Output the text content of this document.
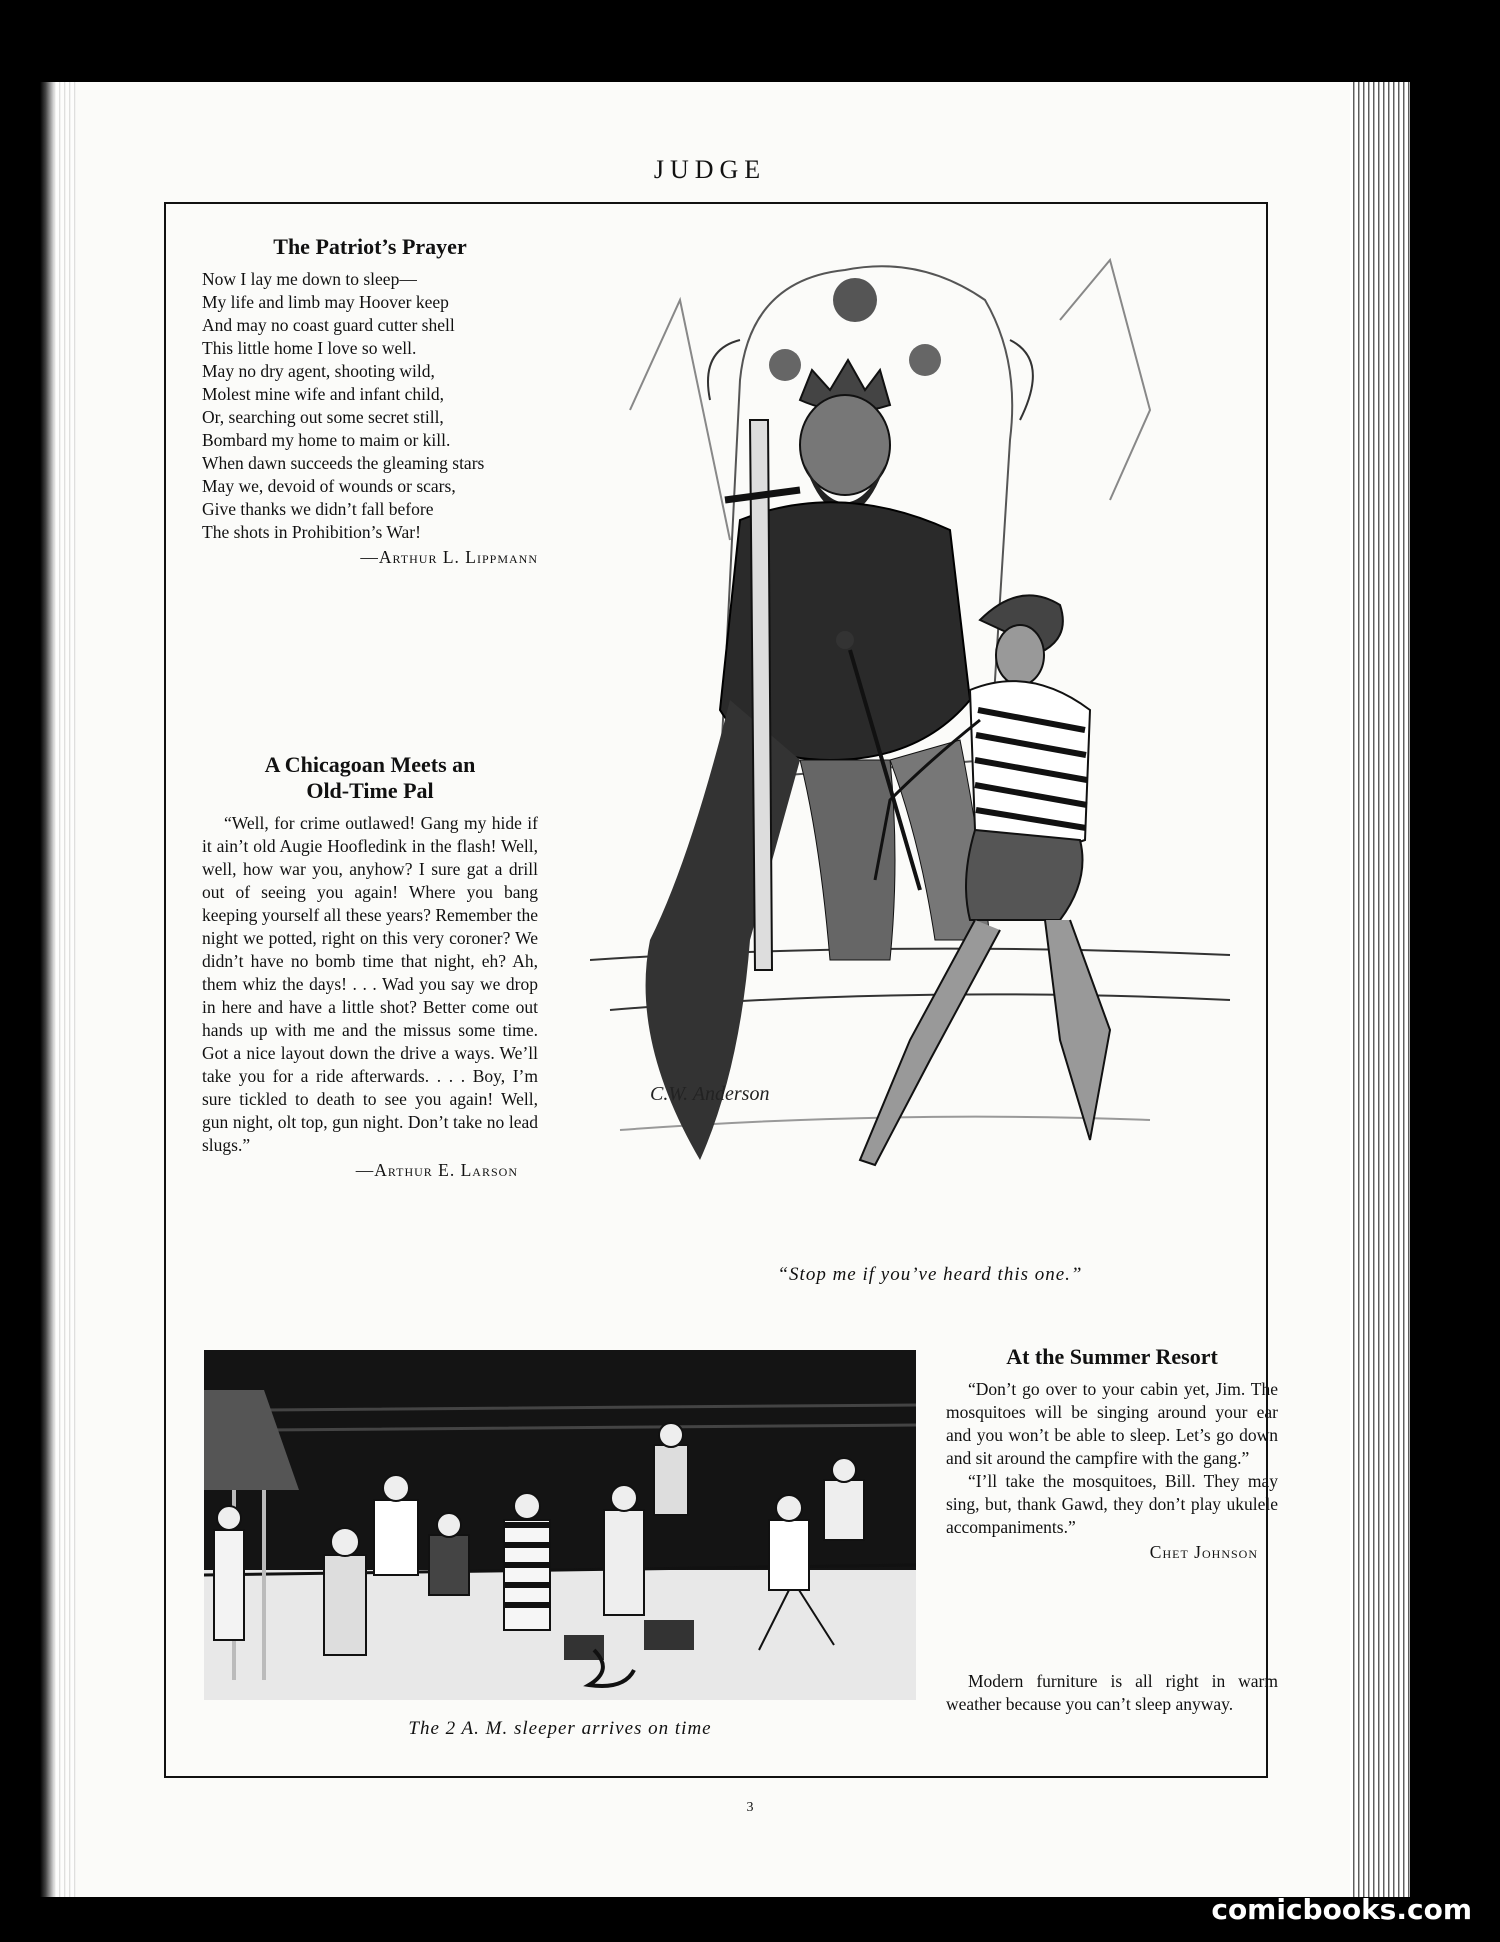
JUDGE
The Patriot’s Prayer

Now I lay me down to sleep—

My life and limb may Hoover keep

And may no coast guard cutter shell

This little home I love so well.

May no dry agent, shooting wild,

Molest mine wife and infant child,

Or, searching out some secret still,

Bombard my home to maim or kill.

When dawn succeeds the gleaming stars

May we, devoid of wounds or scars,

Give thanks we didn’t fall before

The shots in Prohibition’s War!

—Arthur L. Lippmann
A Chicagoan Meets an
Old-Time Pal

“Well, for crime outlawed! Gang my hide if it ain’t old Augie Hoofledink in the flash! Well, well, how war you, anyhow? I sure gat a drill out of seeing you again! Where you bang keeping yourself all these years? Remember the night we potted, right on this very coroner? We didn’t have no bomb time that night, eh? Ah, them whiz the days! . . . Wad you say we drop in here and have a little shot? Better come out hands up with me and the missus some time. Got a nice layout down the drive a ways. We’ll take you for a ride afterwards. . . . Boy, I’m sure tickled to death to see you again! Well, gun night, olt top, gun night. Don’t take no lead slugs.”

—Arthur E. Larson
C.W. Anderson
“Stop me if you’ve heard this one.”
The 2 A. M. sleeper arrives on time
At the Summer Resort

“Don’t go over to your cabin yet, Jim. The mosquitoes will be singing around your ear and you won’t be able to sleep. Let’s go down and sit around the campfire with the gang.”

“I’ll take the mosquitoes, Bill. They may sing, but, thank Gawd, they don’t play ukulele accompaniments.”

Chet Johnson

Modern furniture is all right in warm weather because you can’t sleep anyway.

3
comicbooks.com
